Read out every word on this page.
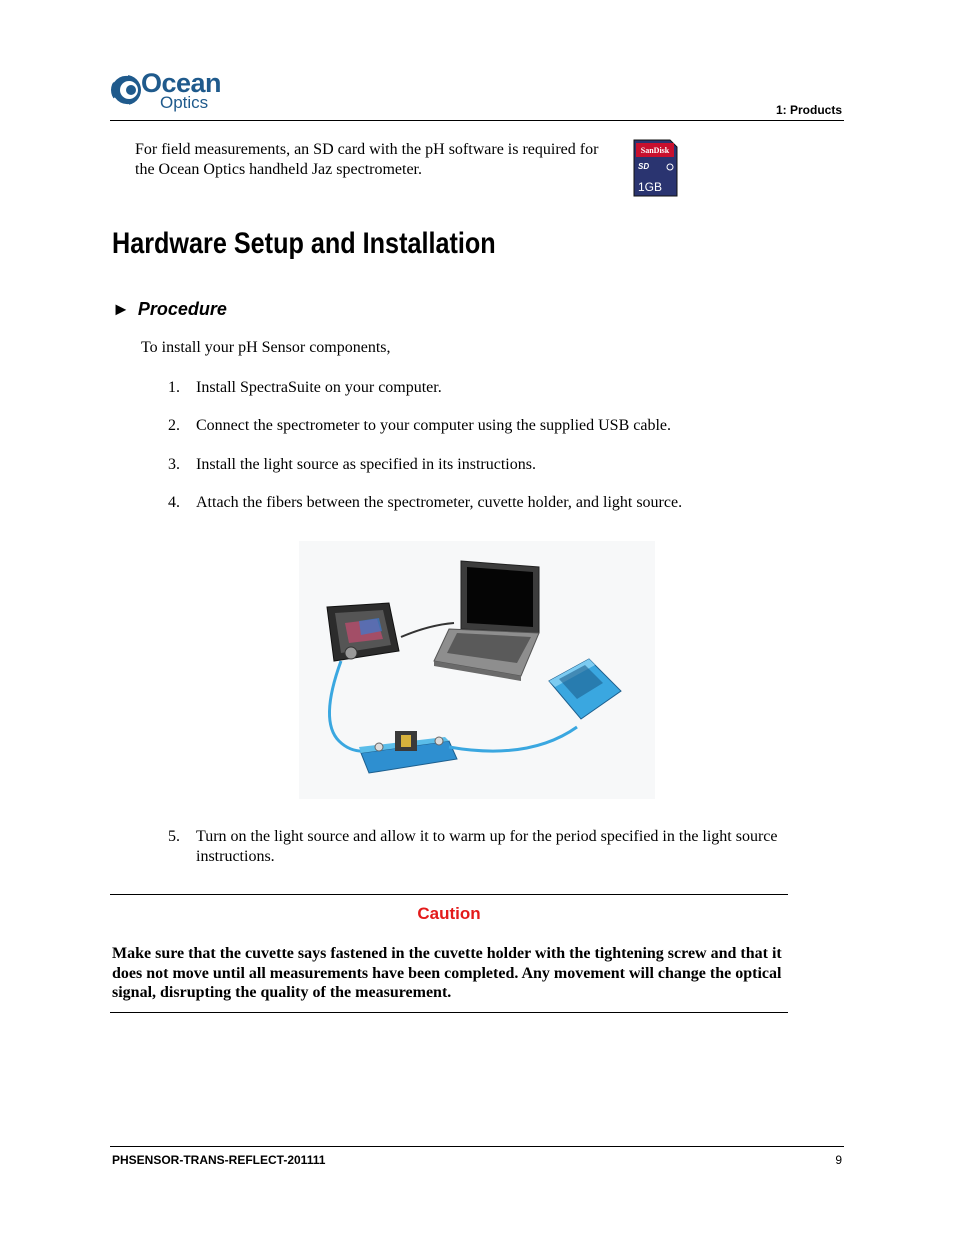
Ocean
Optics	1: Products
For field measurements, an SD card with the pH software is required for the Ocean Optics handheld Jaz spectrometer.
SanDisk
SD
1GB
Hardware Setup and Installation
► Procedure
To install your pH Sensor components,
1. Install SpectraSuite on your computer.
2. Connect the spectrometer to your computer using the supplied USB cable.
3. Install the light source as specified in its instructions.
4. Attach the fibers between the spectrometer, cuvette holder, and light source.
5. Turn on the light source and allow it to warm up for the period specified in the light source instructions.
Caution
Make sure that the cuvette says fastened in the cuvette holder with the tightening screw and that it does not move until all measurements have been completed. Any movement will change the optical signal, disrupting the quality of the measurement.
PHSENSOR-TRANS-REFLECT-201111	9
